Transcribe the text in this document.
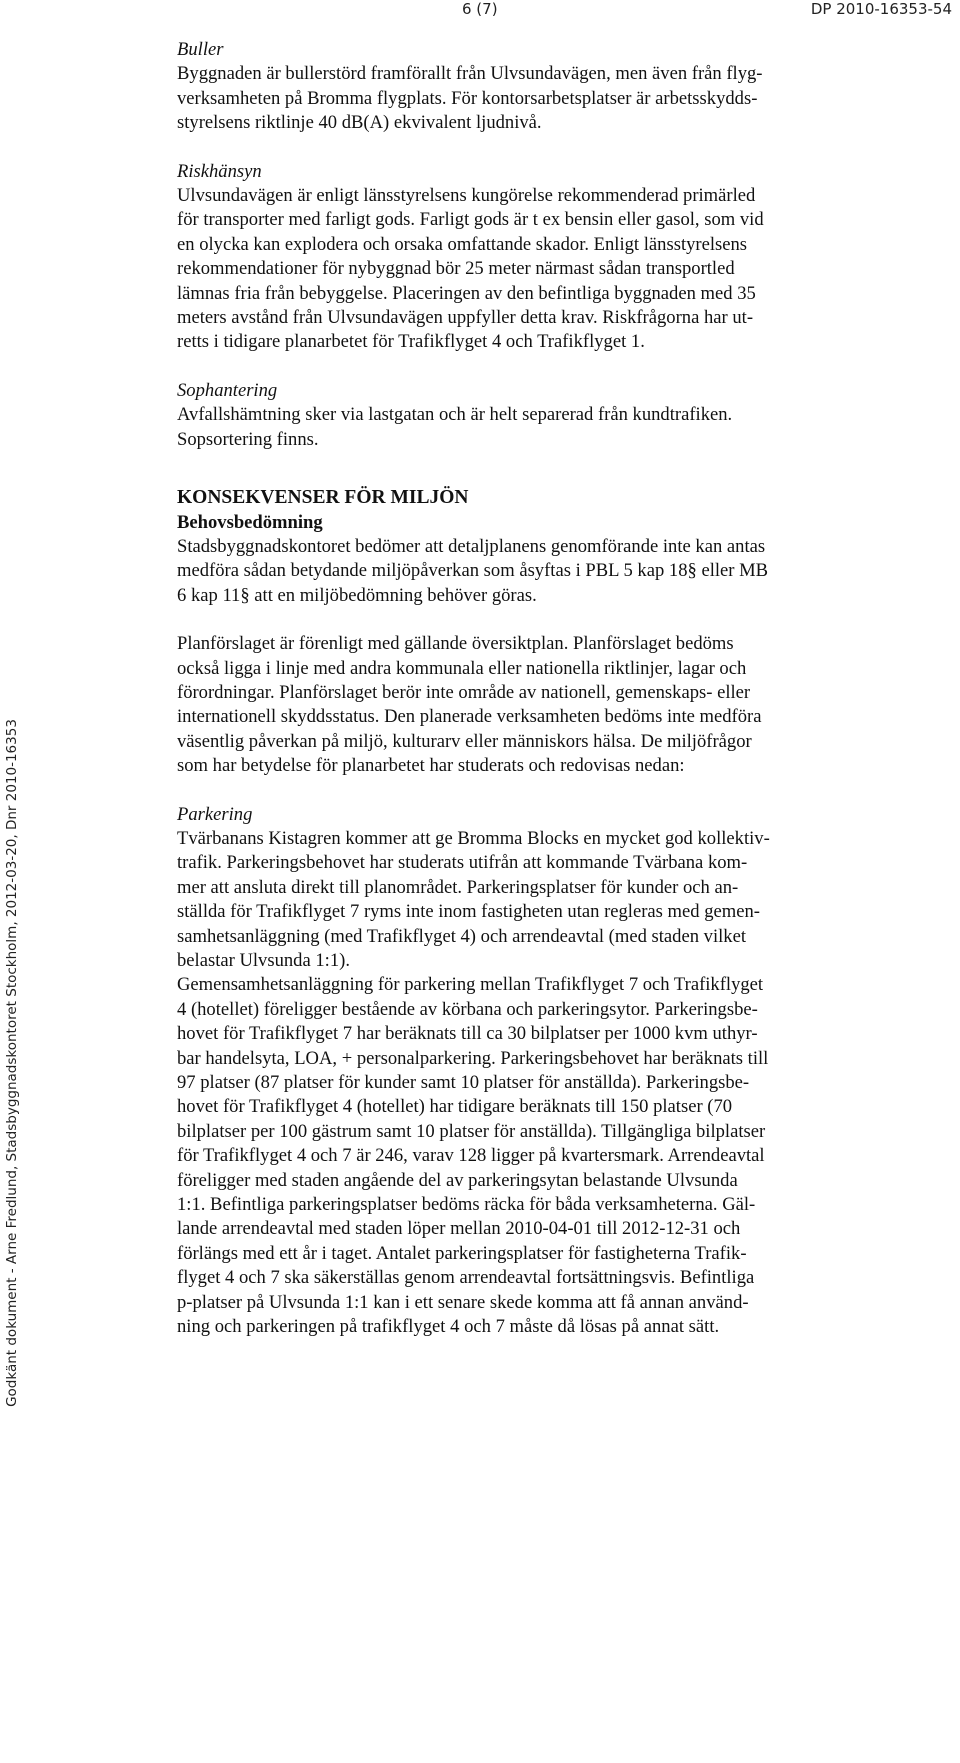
6 (7)	DP 2010-16353-54
Godkänt dokument - Arne Fredlund, Stadsbyggnadskontoret Stockholm, 2012-03-20, Dnr 2010-16353
Buller

Byggnaden är bullerstörd framförallt från Ulvsundavägen, men även från flyg-
verksamheten på Bromma flygplats. För kontorsarbetsplatser är arbetsskydds-
styrelsens riktlinje 40 dB(A) ekvivalent ljudnivå.

Riskhänsyn

Ulvsundavägen är enligt länsstyrelsens kungörelse rekommenderad primärled
för transporter med farligt gods. Farligt gods är t ex bensin eller gasol, som vid
en olycka kan explodera och orsaka omfattande skador. Enligt länsstyrelsens
rekommendationer för nybyggnad bör 25 meter närmast sådan transportled
lämnas fria från bebyggelse. Placeringen av den befintliga byggnaden med 35
meters avstånd från Ulvsundavägen uppfyller detta krav. Riskfrågorna har ut-
retts i tidigare planarbetet för Trafikflyget 4 och Trafikflyget 1.

Sophantering

Avfallshämtning sker via lastgatan och är helt separerad från kundtrafiken.
Sopsortering finns.

KONSEKVENSER FÖR MILJÖN
Behovsbedömning

Stadsbyggnadskontoret bedömer att detaljplanens genomförande inte kan antas
medföra sådan betydande miljöpåverkan som åsyftas i PBL 5 kap 18§ eller MB
6 kap 11§ att en miljöbedömning behöver göras.

Planförslaget är förenligt med gällande översiktplan. Planförslaget bedöms
också ligga i linje med andra kommunala eller nationella riktlinjer, lagar och
förordningar. Planförslaget berör inte område av nationell, gemenskaps- eller
internationell skyddsstatus. Den planerade verksamheten bedöms inte medföra
väsentlig påverkan på miljö, kulturarv eller människors hälsa. De miljöfrågor
som har betydelse för planarbetet har studerats och redovisas nedan:

Parkering

Tvärbanans Kistagren kommer att ge Bromma Blocks en mycket god kollektiv-
trafik. Parkeringsbehovet har studerats utifrån att kommande Tvärbana kom-
mer att ansluta direkt till planområdet. Parkeringsplatser för kunder och an-
ställda för Trafikflyget 7 ryms inte inom fastigheten utan regleras med gemen-
samhetsanläggning (med Trafikflyget 4) och arrendeavtal (med staden vilket
belastar Ulvsunda 1:1).

Gemensamhetsanläggning för parkering mellan Trafikflyget 7 och Trafikflyget
4 (hotellet) föreligger bestående av körbana och parkeringsytor. Parkeringsbe-
hovet för Trafikflyget 7 har beräknats till ca 30 bilplatser per 1000 kvm uthyr-
bar handelsyta, LOA, + personalparkering. Parkeringsbehovet har beräknats till
97 platser (87 platser för kunder samt 10 platser för anställda). Parkeringsbe-
hovet för Trafikflyget 4 (hotellet) har tidigare beräknats till 150 platser (70
bilplatser per 100 gästrum samt 10 platser för anställda). Tillgängliga bilplatser
för Trafikflyget 4 och 7 är 246, varav 128 ligger på kvartersmark. Arrendeavtal
föreligger med staden angående del av parkeringsytan belastande Ulvsunda
1:1. Befintliga parkeringsplatser bedöms räcka för båda verksamheterna. Gäl-
lande arrendeavtal med staden löper mellan 2010-04-01 till 2012-12-31 och
förlängs med ett år i taget. Antalet parkeringsplatser för fastigheterna Trafik-
flyget 4 och 7 ska säkerställas genom arrendeavtal fortsättningsvis. Befintliga
p-platser på Ulvsunda 1:1 kan i ett senare skede komma att få annan använd-
ning och parkeringen på trafikflyget 4 och 7 måste då lösas på annat sätt.
